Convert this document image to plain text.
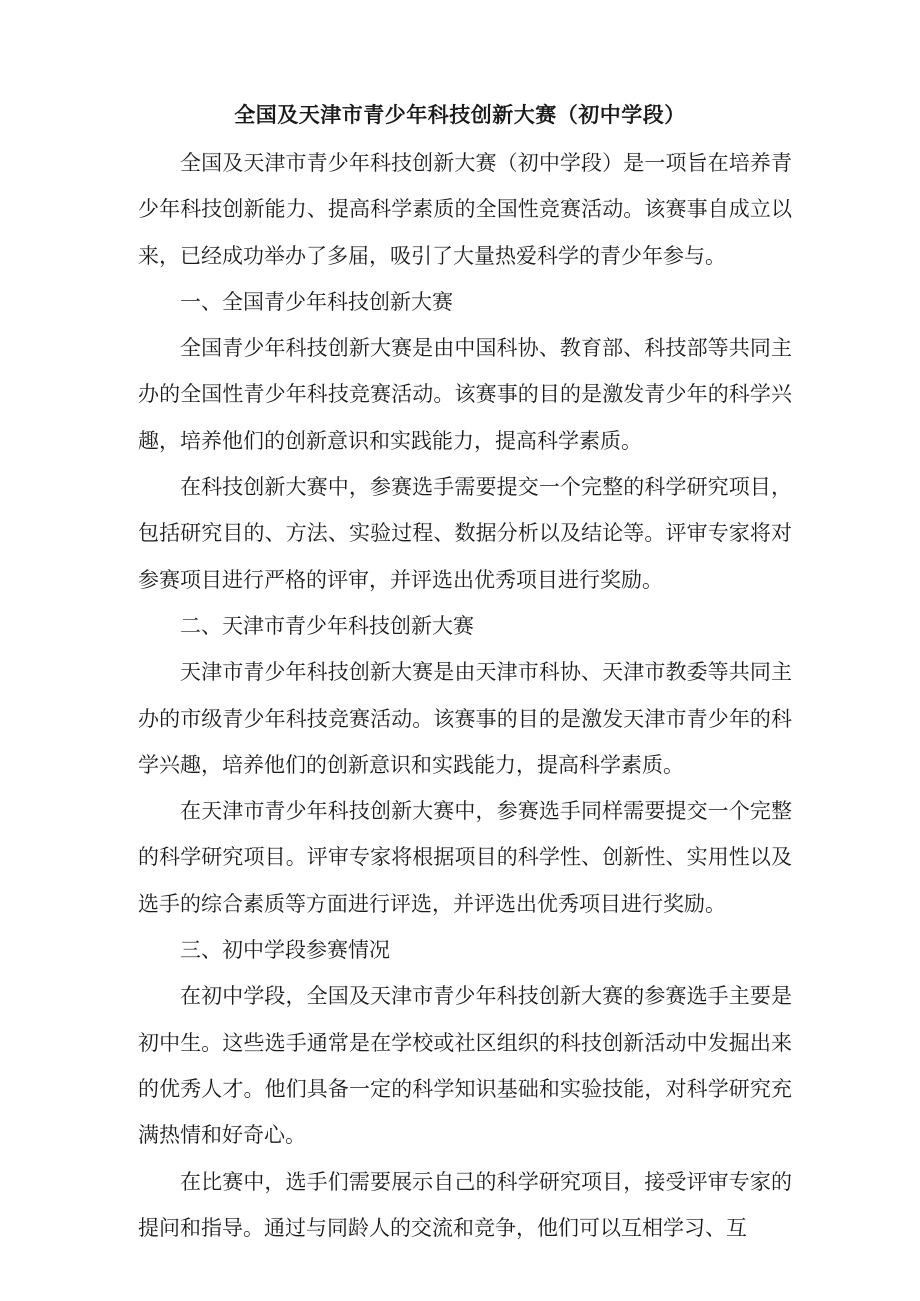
全国及天津市青少年科技创新大赛（初中学段）

全国及天津市青少年科技创新大赛（初中学段）是一项旨在培养青少年科技创新能力、提高科学素质的全国性竞赛活动。该赛事自成立以来，已经成功举办了多届，吸引了大量热爱科学的青少年参与。

一、全国青少年科技创新大赛

全国青少年科技创新大赛是由中国科协、教育部、科技部等共同主办的全国性青少年科技竞赛活动。该赛事的目的是激发青少年的科学兴趣，培养他们的创新意识和实践能力，提高科学素质。

在科技创新大赛中，参赛选手需要提交一个完整的科学研究项目，包括研究目的、方法、实验过程、数据分析以及结论等。评审专家将对参赛项目进行严格的评审，并评选出优秀项目进行奖励。

二、天津市青少年科技创新大赛

天津市青少年科技创新大赛是由天津市科协、天津市教委等共同主办的市级青少年科技竞赛活动。该赛事的目的是激发天津市青少年的科学兴趣，培养他们的创新意识和实践能力，提高科学素质。

在天津市青少年科技创新大赛中，参赛选手同样需要提交一个完整的科学研究项目。评审专家将根据项目的科学性、创新性、实用性以及选手的综合素质等方面进行评选，并评选出优秀项目进行奖励。

三、初中学段参赛情况

在初中学段，全国及天津市青少年科技创新大赛的参赛选手主要是初中生。这些选手通常是在学校或社区组织的科技创新活动中发掘出来的优秀人才。他们具备一定的科学知识基础和实验技能，对科学研究充满热情和好奇心。

在比赛中，选手们需要展示自己的科学研究项目，接受评审专家的提问和指导。通过与同龄人的交流和竞争，他们可以互相学习、互
